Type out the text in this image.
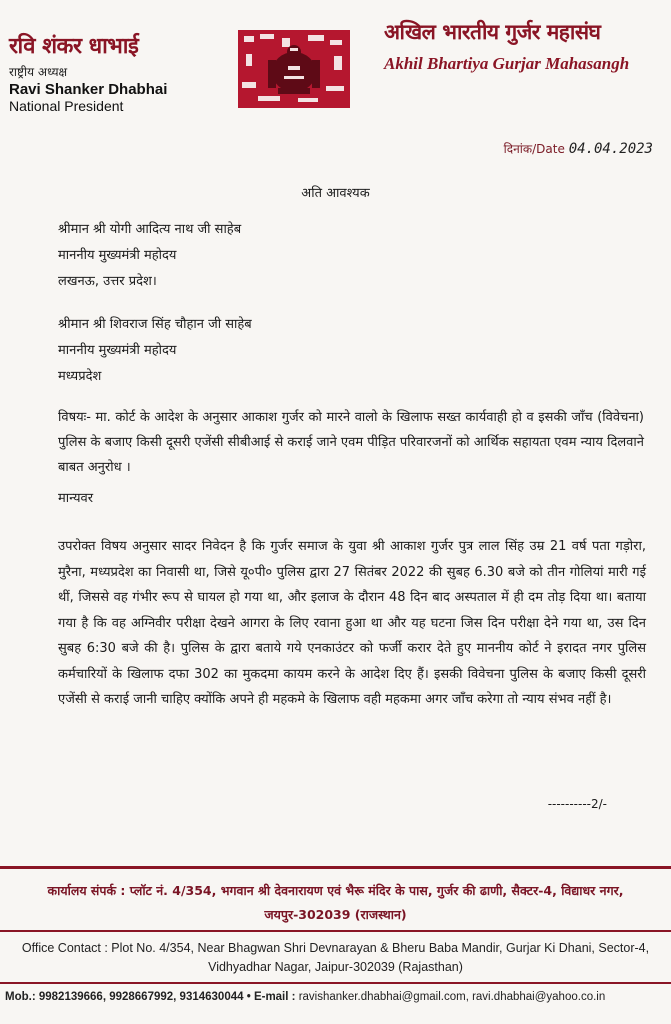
रवि शंकर धाभाई
राष्ट्रीय अध्यक्ष
Ravi Shanker Dhabhai
National President
अखिल भारतीय गुर्जर महासंघ
Akhil Bhartiya Gurjar Mahasangh
दिनांक/Date 04.04.2023
अति आवश्यक
श्रीमान श्री योगी आदित्य नाथ जी साहेब
माननीय मुख्यमंत्री महोदय
लखनऊ, उत्तर प्रदेश।
श्रीमान श्री शिवराज सिंह चौहान जी साहेब
माननीय मुख्यमंत्री महोदय
मध्यप्रदेश
विषयः- मा. कोर्ट के आदेश के अनुसार आकाश गुर्जर को मारने वालो के खिलाफ सख्त कार्यवाही हो व इसकी जाँच (विवेचना) पुलिस के बजाए किसी दूसरी एजेंसी सीबीआई से कराई जाने एवम पीड़ित परिवारजनों को आर्थिक सहायता एवम न्याय दिलवाने बाबत अनुरोध ।
मान्यवर
उपरोक्त विषय अनुसार सादर निवेदन है कि गुर्जर समाज के युवा श्री आकाश गुर्जर पुत्र लाल सिंह उम्र 21 वर्ष पता गड़ोरा, मुरैना, मध्यप्रदेश का निवासी था, जिसे यू०पी० पुलिस द्वारा 27 सितंबर 2022 की सुबह 6.30 बजे को तीन गोलियां मारी गई थीं, जिससे वह गंभीर रूप से घायल हो गया था, और इलाज के दौरान 48 दिन बाद अस्पताल में ही दम तोड़ दिया था। बताया गया है कि वह अग्निवीर परीक्षा देखने आगरा के लिए रवाना हुआ था और यह घटना जिस दिन परीक्षा देने गया था, उस दिन सुबह 6:30 बजे की है। पुलिस के द्वारा बताये गये एनकाउंटर को फर्जी करार देते हुए माननीय कोर्ट ने इरादत नगर पुलिस कर्मचारियों के खिलाफ दफा 302 का मुकदमा कायम करने के आदेश दिए हैं। इसकी विवेचना पुलिस के बजाए किसी दूसरी एजेंसी से कराई जानी चाहिए क्योंकि अपने ही महकमे के खिलाफ वही महकमा अगर जाँच करेगा तो न्याय संभव नहीं है।
----------2/-
कार्यालय संपर्क : प्लॉट नं. 4/354, भगवान श्री देवनारायण एवं भैरू मंदिर के पास, गुर्जर की ढाणी, सैक्टर-4, विद्याधर नगर, जयपुर-302039 (राजस्थान)
Office Contact : Plot No. 4/354, Near Bhagwan Shri Devnarayan & Bheru Baba Mandir, Gurjar Ki Dhani, Sector-4, Vidhyadhar Nagar, Jaipur-302039 (Rajasthan)
Mob.: 9982139666, 9928667992, 9314630044 • E-mail : ravishanker.dhabhai@gmail.com, ravi.dhabhai@yahoo.co.in
